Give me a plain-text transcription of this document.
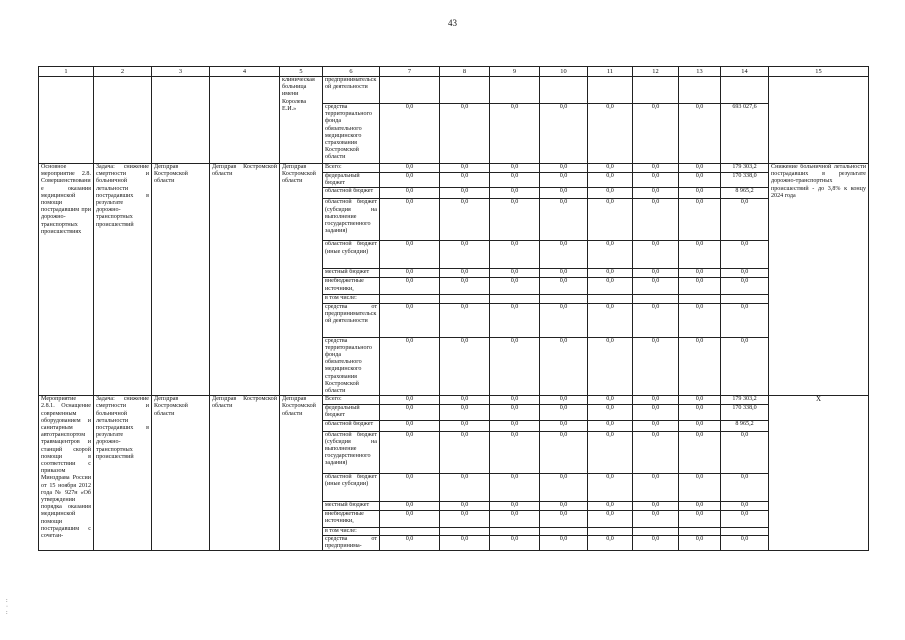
43
1	2	3	4	5	6	7	8	9	10	11	12	13	14	15
				клиническая больница имени Королева Е.И.»	предпринимательской деятельности									
					средства территориального фонда обязательного медицинского страхования Костромской области	0,0	0,0	0,0	0,0	0,0	0,0	0,0	693 027,6	
Основное мероприятие 2.8. Совершенствование оказания медицинской помощи пострадавшим при дорожно-транспортных происшествиях	Задача: снижение смертности и больничной летальности пострадавших в результате дорожно-транспортных происшествий	Депздрав Костромской области	Депздрав Костромской области	Депздрав Костромской области	Всего:	0,0	0,0	0,0	0,0	0,0	0,0	0,0	179 303,2	Снижение больничной летальности пострадавших в результате дорожно-транспортных происшествий - до 3,8% к концу 2024 года
					федеральный бюджет	0,0	0,0	0,0	0,0	0,0	0,0	0,0	170 338,0	
					областной бюджет	0,0	0,0	0,0	0,0	0,0	0,0	0,0	8 965,2	
					областной бюджет (субсидия на выполнение государственного задания)	0,0	0,0	0,0	0,0	0,0	0,0	0,0	0,0	
					областной бюджет (иные субсидии)	0,0	0,0	0,0	0,0	0,0	0,0	0,0	0,0	
					местный бюджет	0,0	0,0	0,0	0,0	0,0	0,0	0,0	0,0	
					внебюджетные источники,	0,0	0,0	0,0	0,0	0,0	0,0	0,0	0,0	
					в том числе:									
					средства от предпринимательской деятельности	0,0	0,0	0,0	0,0	0,0	0,0	0,0	0,0	
					средства территориального фонда обязательного медицинского страхования Костромской области	0,0	0,0	0,0	0,0	0,0	0,0	0,0	0,0	
Мероприятие 2.8.1. Оснащение современным оборудованием и санитарным автотранспортом травмацентров и станций скорой помощи в соответствии с приказом Минздрава России от 15 ноября 2012 года № 927н «Об утверждении порядка оказания медицинской помощи пострадавшим с сочетан-	Задача: снижение смертности и больничной летальности пострадавших в результате дорожно-транспортных происшествий	Депздрав Костромской области	Депздрав Костромской области	Депздрав Костромской области	Всего:	0,0	0,0	0,0	0,0	0,0	0,0	0,0	179 303,2	X
					федеральный бюджет	0,0	0,0	0,0	0,0	0,0	0,0	0,0	170 338,0	
					областной бюджет	0,0	0,0	0,0	0,0	0,0	0,0	0,0	8 965,2	
					областной бюджет (субсидия на выполнение государственного задания)	0,0	0,0	0,0	0,0	0,0	0,0	0,0	0,0	
					областной бюджет (иные субсидии)	0,0	0,0	0,0	0,0	0,0	0,0	0,0	0,0	
					местный бюджет	0,0	0,0	0,0	0,0	0,0	0,0	0,0	0,0	
					внебюджетные источники,	0,0	0,0	0,0	0,0	0,0	0,0	0,0	0,0	
					в том числе:									
					средства от предпринима-	0,0	0,0	0,0	0,0	0,0	0,0	0,0	0,0	
:
·
:
